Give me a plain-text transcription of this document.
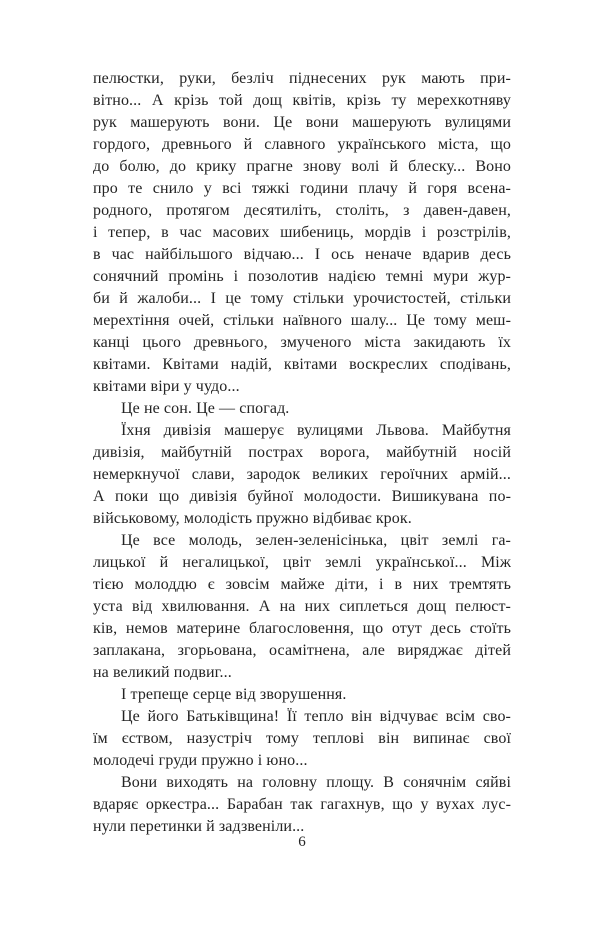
пелюстки, руки, безліч піднесених рук мають при-
вітно... А крізь той дощ квітів, крізь ту мерехкотняву
рук машерують вони. Це вони машерують вулицями
гордого, древнього й славного українського міста, що
до болю, до крику прагне знову волі й блеску... Воно
про те снило у всі тяжкі години плачу й горя всена-
родного, протягом десятиліть, століть, з давен-давен,
і тепер, в час масових шибениць, мордів і розстрілів,
в час найбільшого відчаю... І ось неначе вдарив десь
сонячний промінь і позолотив надією темні мури жур-
би й жалоби... І це тому стільки урочистостей, стільки
мерехтіння очей, стільки наївного шалу... Це тому меш-
канці цього древнього, змученого міста закидають їх
квітами. Квітами надій, квітами воскреслих сподівань,
квітами віри у чудо...

Це не сон. Це — спогад.

Їхня дивізія машерує вулицями Львова. Майбутня
дивізія, майбутній пострах ворога, майбутній носій
немеркнучої слави, зародок великих героїчних армій...
А поки що дивізія буйної молодости. Вишикувана по-
військовому, молодість пружно відбиває крок.

Це все молодь, зелен-зеленісінька, цвіт землі га-
лицької й негалицької, цвіт землі української... Між
тією молоддю є зовсім майже діти, і в них тремтять
уста від хвилювання. А на них сиплеться дощ пелюст-
ків, немов материне благословення, що отут десь стоїть
заплакана, згорьована, осамітнена, але виряджає дітей
на великий подвиг...

І трепеще серце від зворушення.

Це його Батьківщина! Її тепло він відчуває всім сво-
їм єством, назустріч тому теплові він випинає свої
молодечі груди пружно і юно...

Вони виходять на головну площу. В сонячнім сяйві
вдаряє оркестра... Барабан так гагахнув, що у вухах лус-
нули перетинки й задзвеніли...

6
